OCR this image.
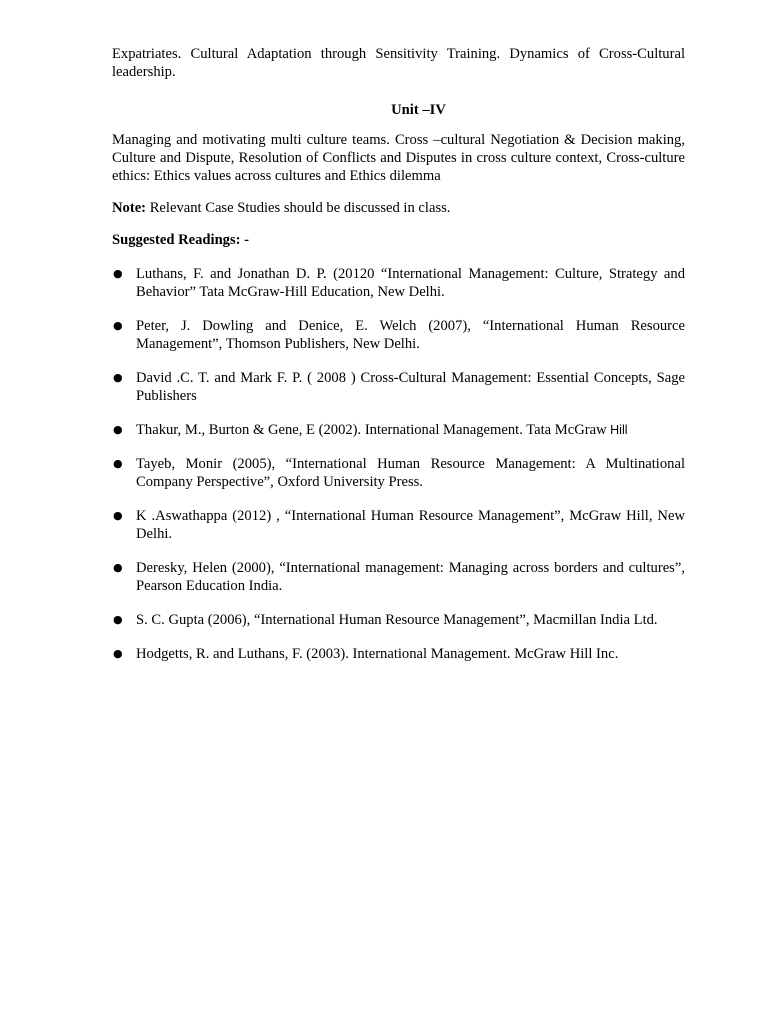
Expatriates. Cultural Adaptation through Sensitivity Training. Dynamics of Cross-Cultural leadership.

Unit –IV

Managing and motivating multi culture teams. Cross –cultural Negotiation & Decision making, Culture and Dispute, Resolution of Conflicts and Disputes in cross culture context, Cross-culture ethics: Ethics values across cultures and Ethics dilemma

Note: Relevant Case Studies should be discussed in class.

Suggested Readings: -

● Luthans, F. and Jonathan D. P. (20120 “International Management: Culture, Strategy and Behavior” Tata McGraw-Hill Education, New Delhi.
● Peter, J. Dowling and Denice, E. Welch (2007), “International Human Resource Management”, Thomson Publishers, New Delhi.
● David .C. T. and Mark F. P. ( 2008 ) Cross-Cultural Management: Essential Concepts, Sage Publishers
● Thakur, M., Burton & Gene, E (2002). International Management. Tata McGraw Hill
● Tayeb, Monir (2005), “International Human Resource Management: A Multinational Company Perspective”, Oxford University Press.
● K .Aswathappa (2012) , “International Human Resource Management”, McGraw Hill, New Delhi.
● Deresky, Helen (2000), “International management: Managing across borders and cultures”, Pearson Education India.
● S. C. Gupta (2006), “International Human Resource Management”, Macmillan India Ltd.
● Hodgetts, R. and Luthans, F. (2003). International Management. McGraw Hill Inc.
